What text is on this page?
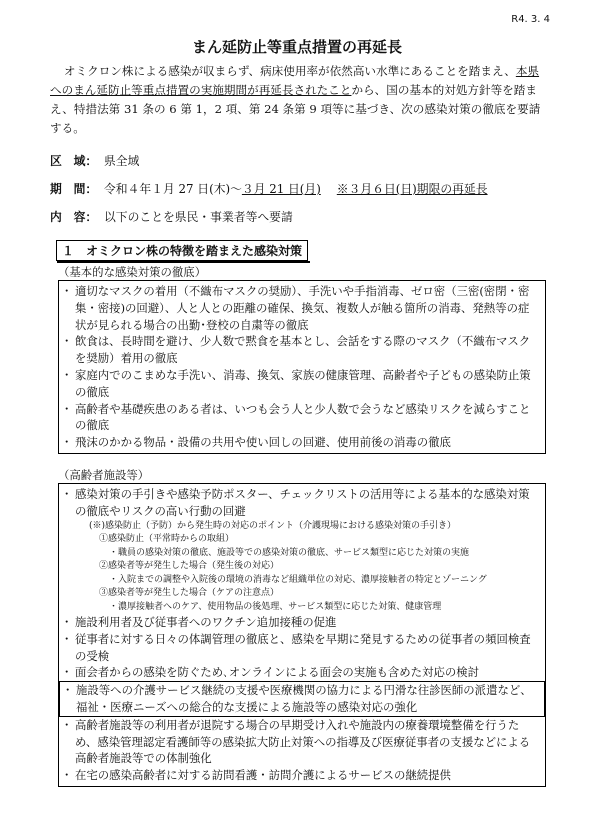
R4. 3. 4
まん延防止等重点措置の再延長

オミクロン株による感染が収まらず、病床使用率が依然高い水準にあることを踏まえ、本県へのまん延防止等重点措置の実施期間が再延長されたことから、国の基本的対処方針等を踏まえ、特措法第 31 条の 6 第 1，2 項、第 24 条第 9 項等に基づき、次の感染対策の徹底を要請する。

区　域： 県全域
期　間： 令和４年１月 27 日(木)～３月 21 日(月) ※３月６日(日)期限の再延長
内　容： 以下のことを県民・事業者等へ要請
１　オミクロン株の特徴を踏まえた感染対策
（基本的な感染対策の徹底）

・ 適切なマスクの着用（不織布マスクの奨励）、手洗いや手指消毒、ゼロ密（三密(密閉・密集・密接)の回避）、人と人との距離の確保、換気、複数人が触る箇所の消毒、発熱等の症状が見られる場合の出勤･登校の自粛等の徹底

・ 飲食は、長時間を避け、少人数で黙食を基本とし、会話をする際のマスク（不織布マスクを奨励）着用の徹底

・ 家庭内でのこまめな手洗い、消毒、換気、家族の健康管理、高齢者や子どもの感染防止策の徹底

・ 高齢者や基礎疾患のある者は、いつも会う人と少人数で会うなど感染リスクを減らすことの徹底

・ 飛沫のかかる物品・設備の共用や使い回しの回避、使用前後の消毒の徹底

（高齢者施設等）

・ 感染対策の手引きや感染予防ポスター、チェックリストの活用等による基本的な感染対策の徹底やリスクの高い行動の回避

(※)感染防止（予防）から発生時の対応のポイント（介護現場における感染対策の手引き）

①感染防止（平常時からの取組）

・職員の感染対策の徹底、施設等での感染対策の徹底、サービス類型に応じた対策の実施

②感染者等が発生した場合（発生後の対応）

・入院までの調整や入院後の環境の消毒など組織単位の対応、濃厚接触者の特定とゾーニング

③感染者等が発生した場合（ケアの注意点）

・濃厚接触者へのケア、使用物品の後処理、サービス類型に応じた対策、健康管理

・ 施設利用者及び従事者へのワクチン追加接種の促進

・ 従事者に対する日々の体調管理の徹底と、感染を早期に発見するための従事者の頻回検査の受検

・ 面会者からの感染を防ぐため､オンラインによる面会の実施も含めた対応の検討

・ 施設等への介護サービス継続の支援や医療機関の協力による円滑な往診医師の派遣など、福祉・医療ニーズへの総合的な支援による施設等の感染対応の強化

・ 高齢者施設等の利用者が退院する場合の早期受け入れや施設内の療養環境整備を行うため、感染管理認定看護師等の感染拡大防止対策への指導及び医療従事者の支援などによる高齢者施設等での体制強化

・ 在宅の感染高齢者に対する訪問看護・訪問介護によるサービスの継続提供
